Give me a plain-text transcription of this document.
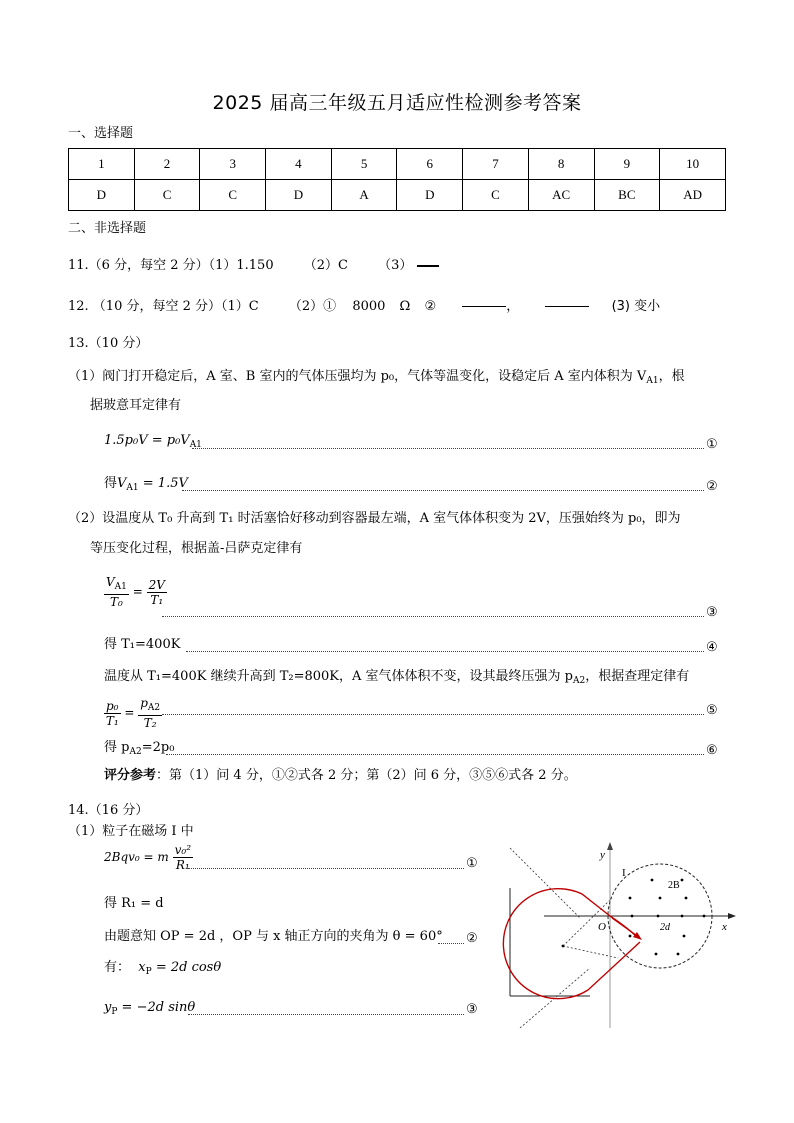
2025 届高三年级五月适应性检测参考答案
一、选择题
1	2	3	4	5	6	7	8	9	10
D	C	C	D	A	D	C	AC	BC	AD
二、非选择题
11.（6 分，每空 2 分）（1）1.150 （2）C （3）
12. （10 分，每空 2 分）（1）C （2）① 8000 Ω ②	，	(3) 变小
13.（10 分）
（1）阀门打开稳定后，A 室、B 室内的气体压强均为 p₀，气体等温变化，设稳定后 A 室内体积为 $V_{A1}$，根
据玻意耳定律有
$1.5p_0V = p_0V_{A1}$	①
得$V_{A1} = 1.5V$	②
（2）设温度从 T₀ 升高到 T₁ 时活塞恰好移动到容器最左端，A 室气体体积变为 2V，压强始终为 p₀，即为
等压变化过程，根据盖-吕萨克定律有
$\frac{V_{A1}}{\text{T₀}} = \frac{2V}{\text{T₁}}$
③
得 T₁=400K	④
温度从 T₁=400K 继续升高到 T₂=800K，A 室气体体积不变，设其最终压强为 $p_{A2}$，根据查理定律有
$\frac{\text{p₀}}{\text{T₁}} = \frac{p_{A2}}{\text{T₂}}$	⑤
得 $p_{A2}=2p_0$	⑥
评分参考：第（1）问 4 分，①②式各 2 分；第（2）问 6 分，③⑤⑥式各 2 分。
14.（16 分）
（1）粒子在磁场 I 中
2Bqv₀ = m $\frac{\text{v₀²}}{\text{R₁}}$	①
得 R₁ = d
由题意知 OP = 2d ，OP 与 x 轴正方向的夹角为 θ = 60° ②
有： $x_P = 2d$ cosθ
$y_P = -2d$ sinθ	③
y
x
O
I
2B
2d
